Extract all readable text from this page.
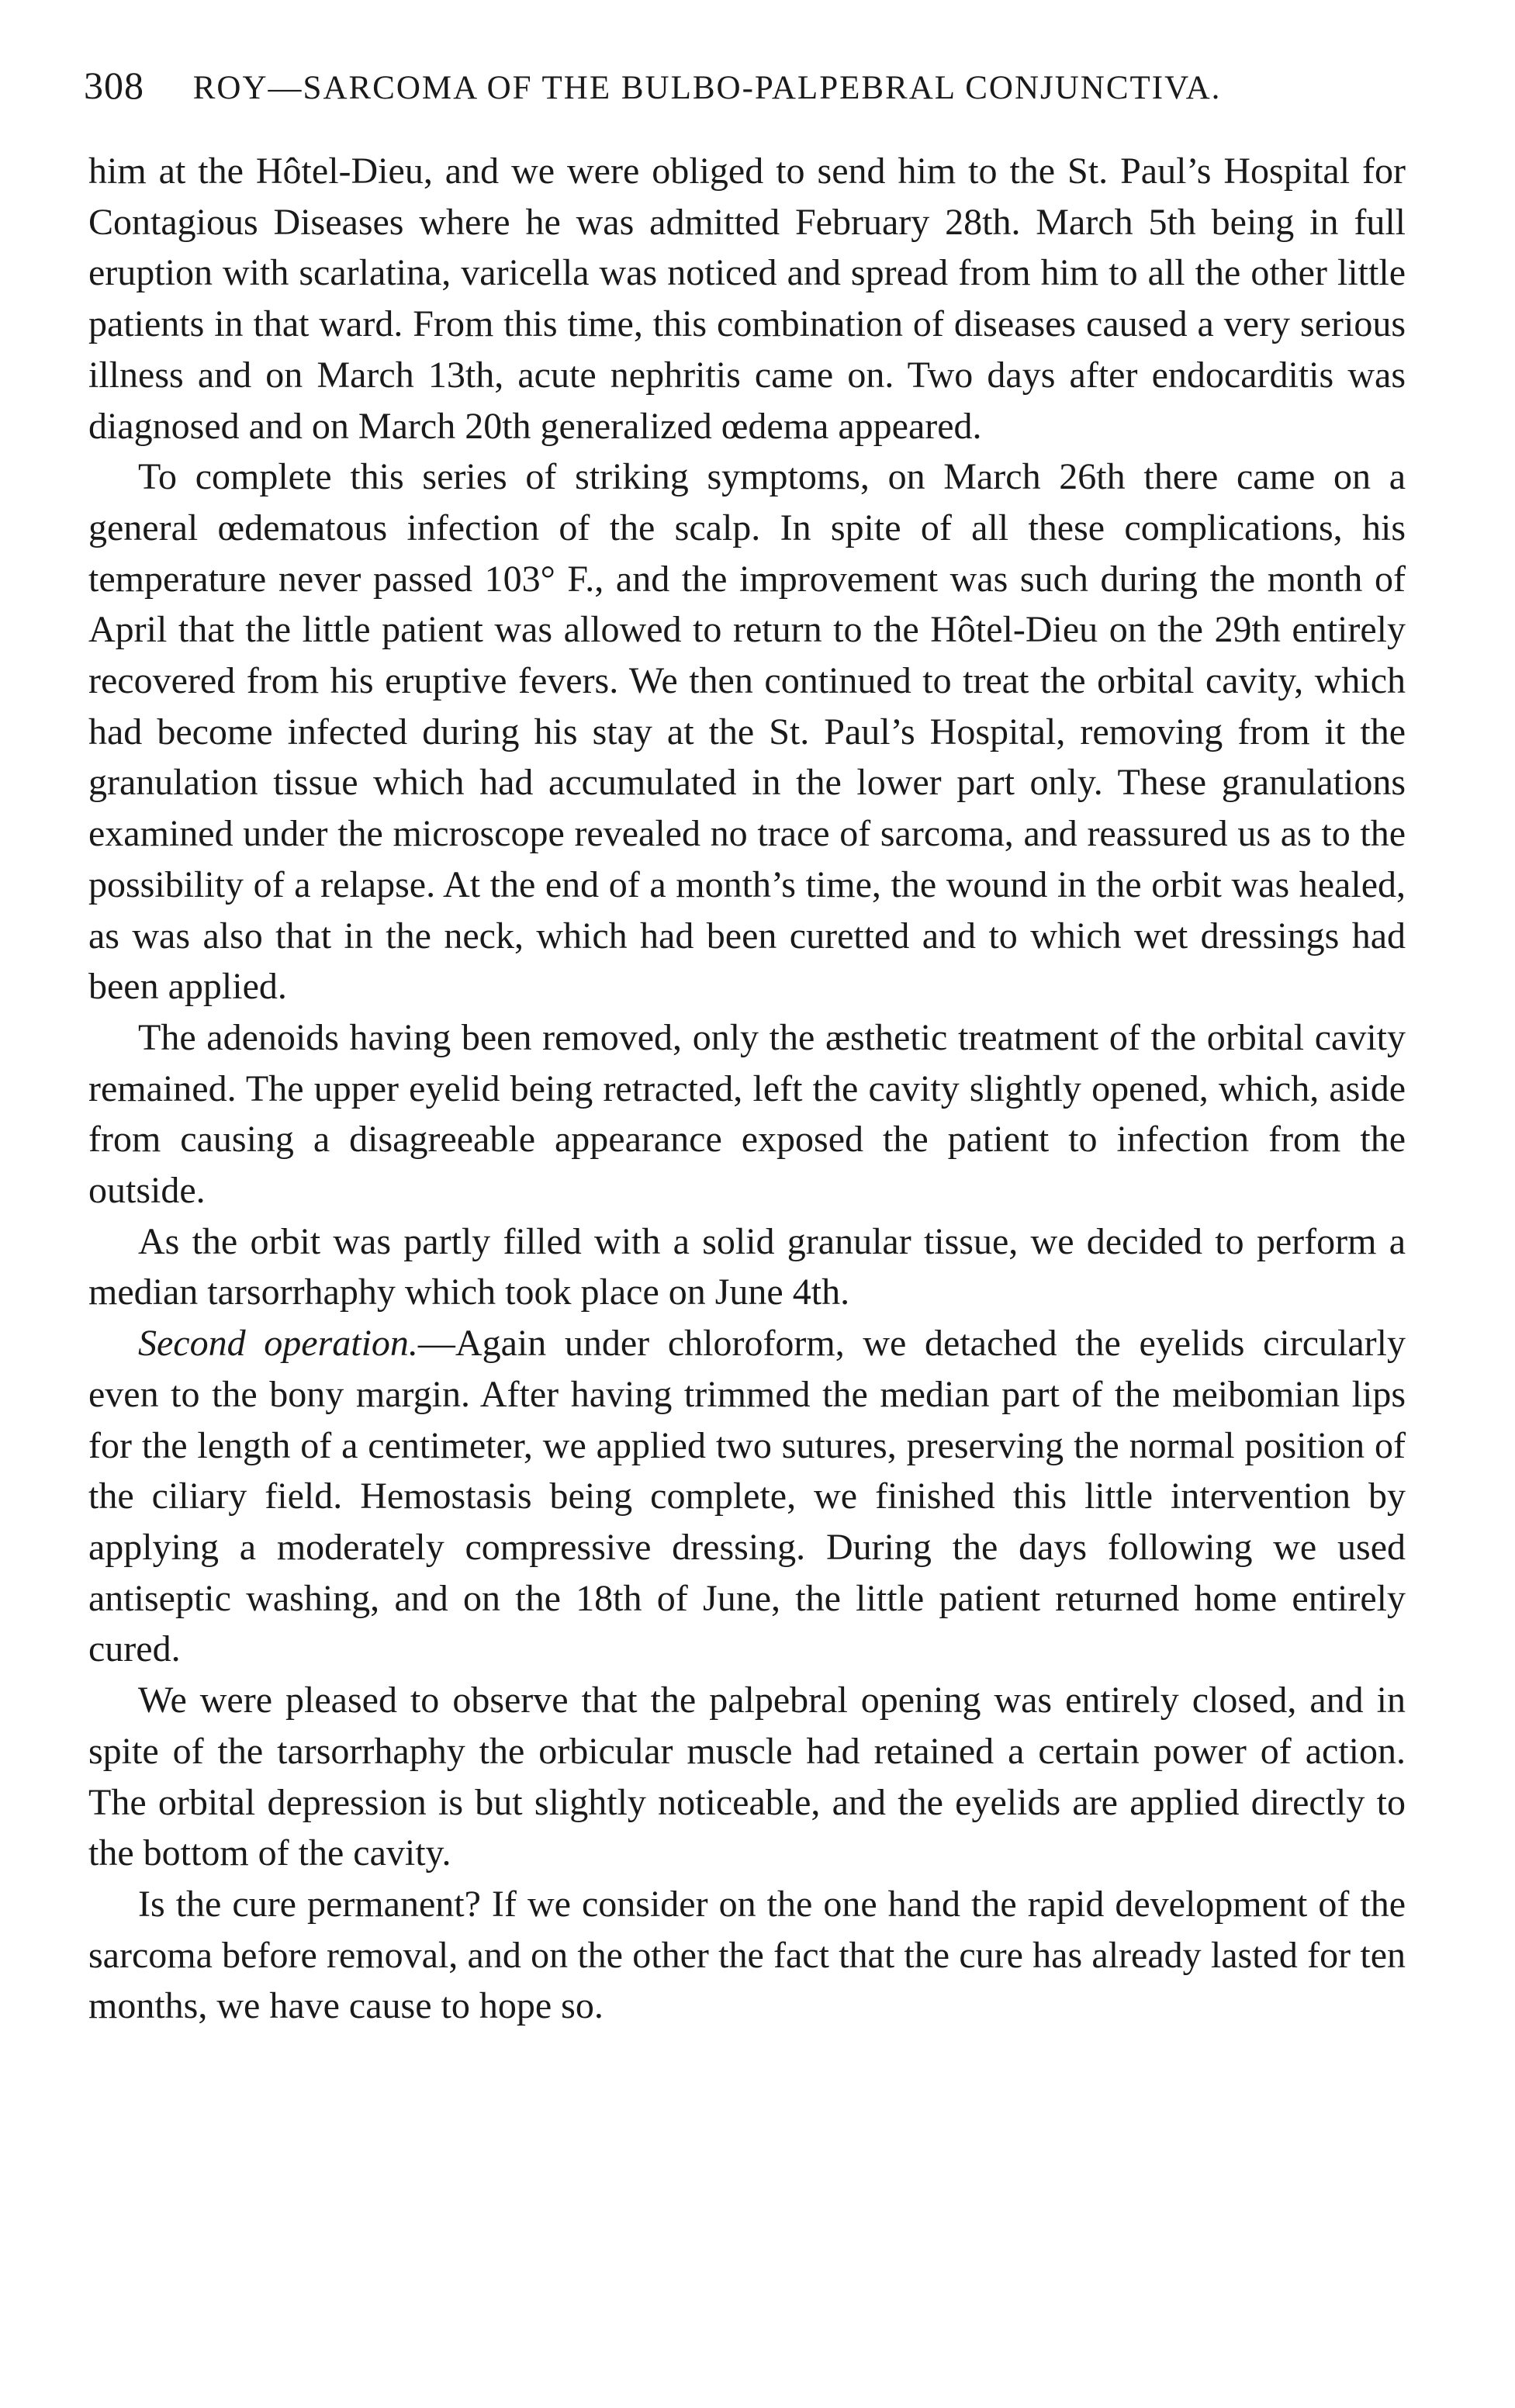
308 ROY—SARCOMA OF THE BULBO-PALPEBRAL CONJUNCTIVA.

him at the Hôtel-Dieu, and we were obliged to send him to the St. Paul’s Hospital for Contagious Diseases where he was admitted February 28th. March 5th being in full eruption with scarlatina, varicella was noticed and spread from him to all the other little patients in that ward. From this time, this combination of diseases caused a very serious illness and on March 13th, acute nephritis came on. Two days after endocarditis was diagnosed and on March 20th generalized œdema appeared.

To complete this series of striking symptoms, on March 26th there came on a general œdematous infection of the scalp. In spite of all these complications, his temperature never passed 103° F., and the improvement was such during the month of April that the little patient was allowed to return to the Hôtel-Dieu on the 29th entirely recovered from his eruptive fevers. We then continued to treat the orbital cavity, which had become infected during his stay at the St. Paul’s Hospital, removing from it the granulation tissue which had accumulated in the lower part only. These granulations examined under the microscope revealed no trace of sarcoma, and reassured us as to the possibility of a relapse. At the end of a month’s time, the wound in the orbit was healed, as was also that in the neck, which had been curetted and to which wet dressings had been applied.

The adenoids having been removed, only the æsthetic treatment of the orbital cavity remained. The upper eyelid being retracted, left the cavity slightly opened, which, aside from causing a disagreeable appearance exposed the patient to infection from the outside.

As the orbit was partly filled with a solid granular tissue, we decided to perform a median tarsorrhaphy which took place on June 4th.

Second operation.—Again under chloroform, we detached the eyelids circularly even to the bony margin. After having trimmed the median part of the meibomian lips for the length of a centimeter, we applied two sutures, preserving the normal position of the ciliary field. Hemostasis being complete, we finished this little intervention by applying a moderately compressive dressing. During the days following we used antiseptic washing, and on the 18th of June, the little patient returned home entirely cured.

We were pleased to observe that the palpebral opening was entirely closed, and in spite of the tarsorrhaphy the orbicular muscle had retained a certain power of action. The orbital depression is but slightly noticeable, and the eyelids are applied directly to the bottom of the cavity.

Is the cure permanent? If we consider on the one hand the rapid development of the sarcoma before removal, and on the other the fact that the cure has already lasted for ten months, we have cause to hope so.
